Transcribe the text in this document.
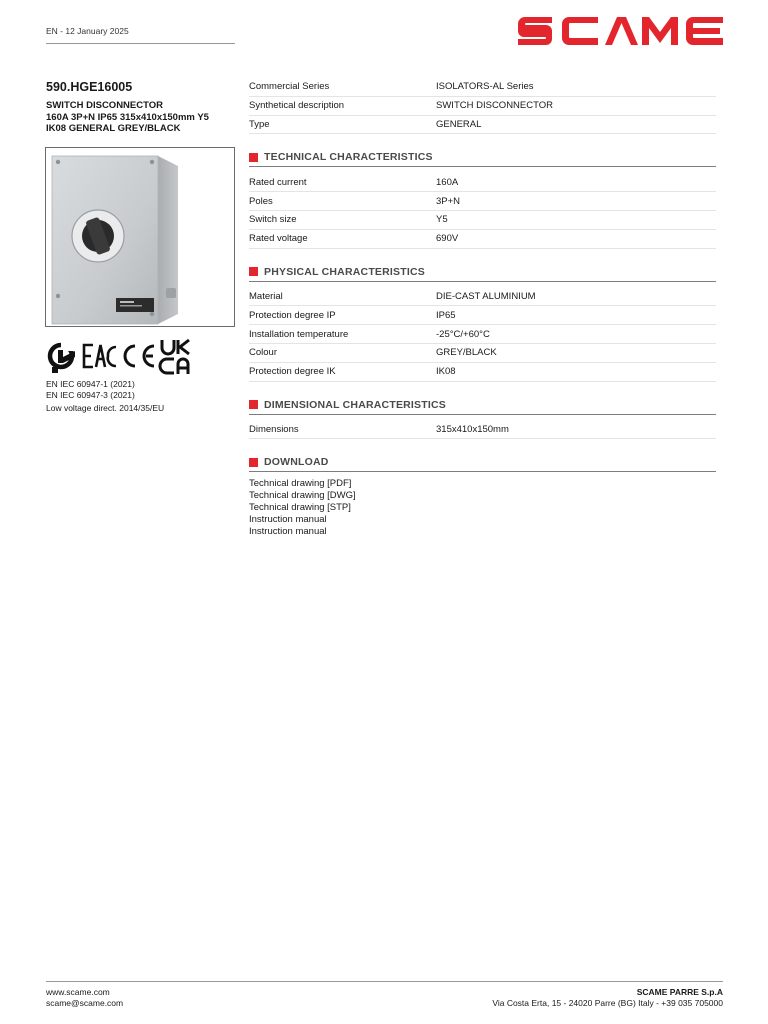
EN - 12 January 2025
590.HGE16005
SWITCH DISCONNECTOR
160A 3P+N IP65 315x410x150mm Y5
IK08 GENERAL GREY/BLACK
EN IEC 60947-1 (2021)
EN IEC 60947-3 (2021)
Low voltage direct. 2014/35/EU
Commercial Series	ISOLATORS-AL Series
Synthetical description	SWITCH DISCONNECTOR
Type	GENERAL
TECHNICAL CHARACTERISTICS
Rated current	160A
Poles	3P+N
Switch size	Y5
Rated voltage	690V
PHYSICAL CHARACTERISTICS
Material	DIE-CAST ALUMINIUM
Protection degree IP	IP65
Installation temperature	-25°C/+60°C
Colour	GREY/BLACK
Protection degree IK	IK08
DIMENSIONAL CHARACTERISTICS
Dimensions	315x410x150mm
DOWNLOAD
Technical drawing [PDF]
Technical drawing [DWG]
Technical drawing [STP]
Instruction manual
Instruction manual
www.scame.com
scame@scame.com
SCAME PARRE S.p.A
Via Costa Erta, 15 - 24020 Parre (BG) Italy - +39 035 705000
